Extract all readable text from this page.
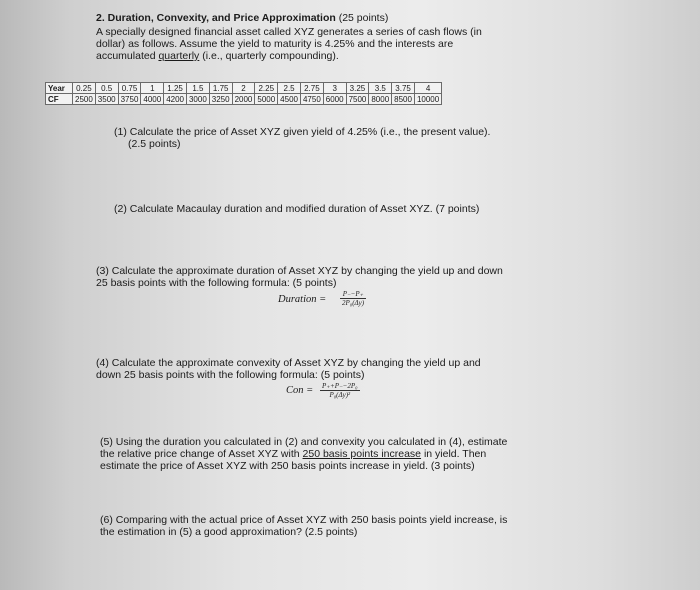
2. Duration, Convexity, and Price Approximation (25 points)
A specially designed financial asset called XYZ generates a series of cash flows (in
dollar) as follows. Assume the yield to maturity is 4.25% and the interests are
accumulated quarterly (i.e., quarterly compounding).
Year	0.25	0.5	0.75	1	1.25	1.5	1.75	2	2.25	2.5	2.75	3	3.25	3.5	3.75	4
CF	2500	3500	3750	4000	4200	3000	3250	2000	5000	4500	4750	6000	7500	8000	8500	10000
(1) Calculate the price of Asset XYZ given yield of 4.25% (i.e., the present value).
(2.5 points)
(2) Calculate Macaulay duration and modified duration of Asset XYZ. (7 points)
(3) Calculate the approximate duration of Asset XYZ by changing the yield up and down
25 basis points with the following formula: (5 points)
Duration = $\frac{P_--P_+}{\text{2P₀(Δy)}}$
(4) Calculate the approximate convexity of Asset XYZ by changing the yield up and
down 25 basis points with the following formula: (5 points)
Con = $\frac{\text{P₊+P₋−2P₀}}{\text{P₀(Δy)²}}$
(5) Using the duration you calculated in (2) and convexity you calculated in (4), estimate
the relative price change of Asset XYZ with 250 basis points increase in yield. Then
estimate the price of Asset XYZ with 250 basis points increase in yield. (3 points)
(6) Comparing with the actual price of Asset XYZ with 250 basis points yield increase, is
the estimation in (5) a good approximation? (2.5 points)
